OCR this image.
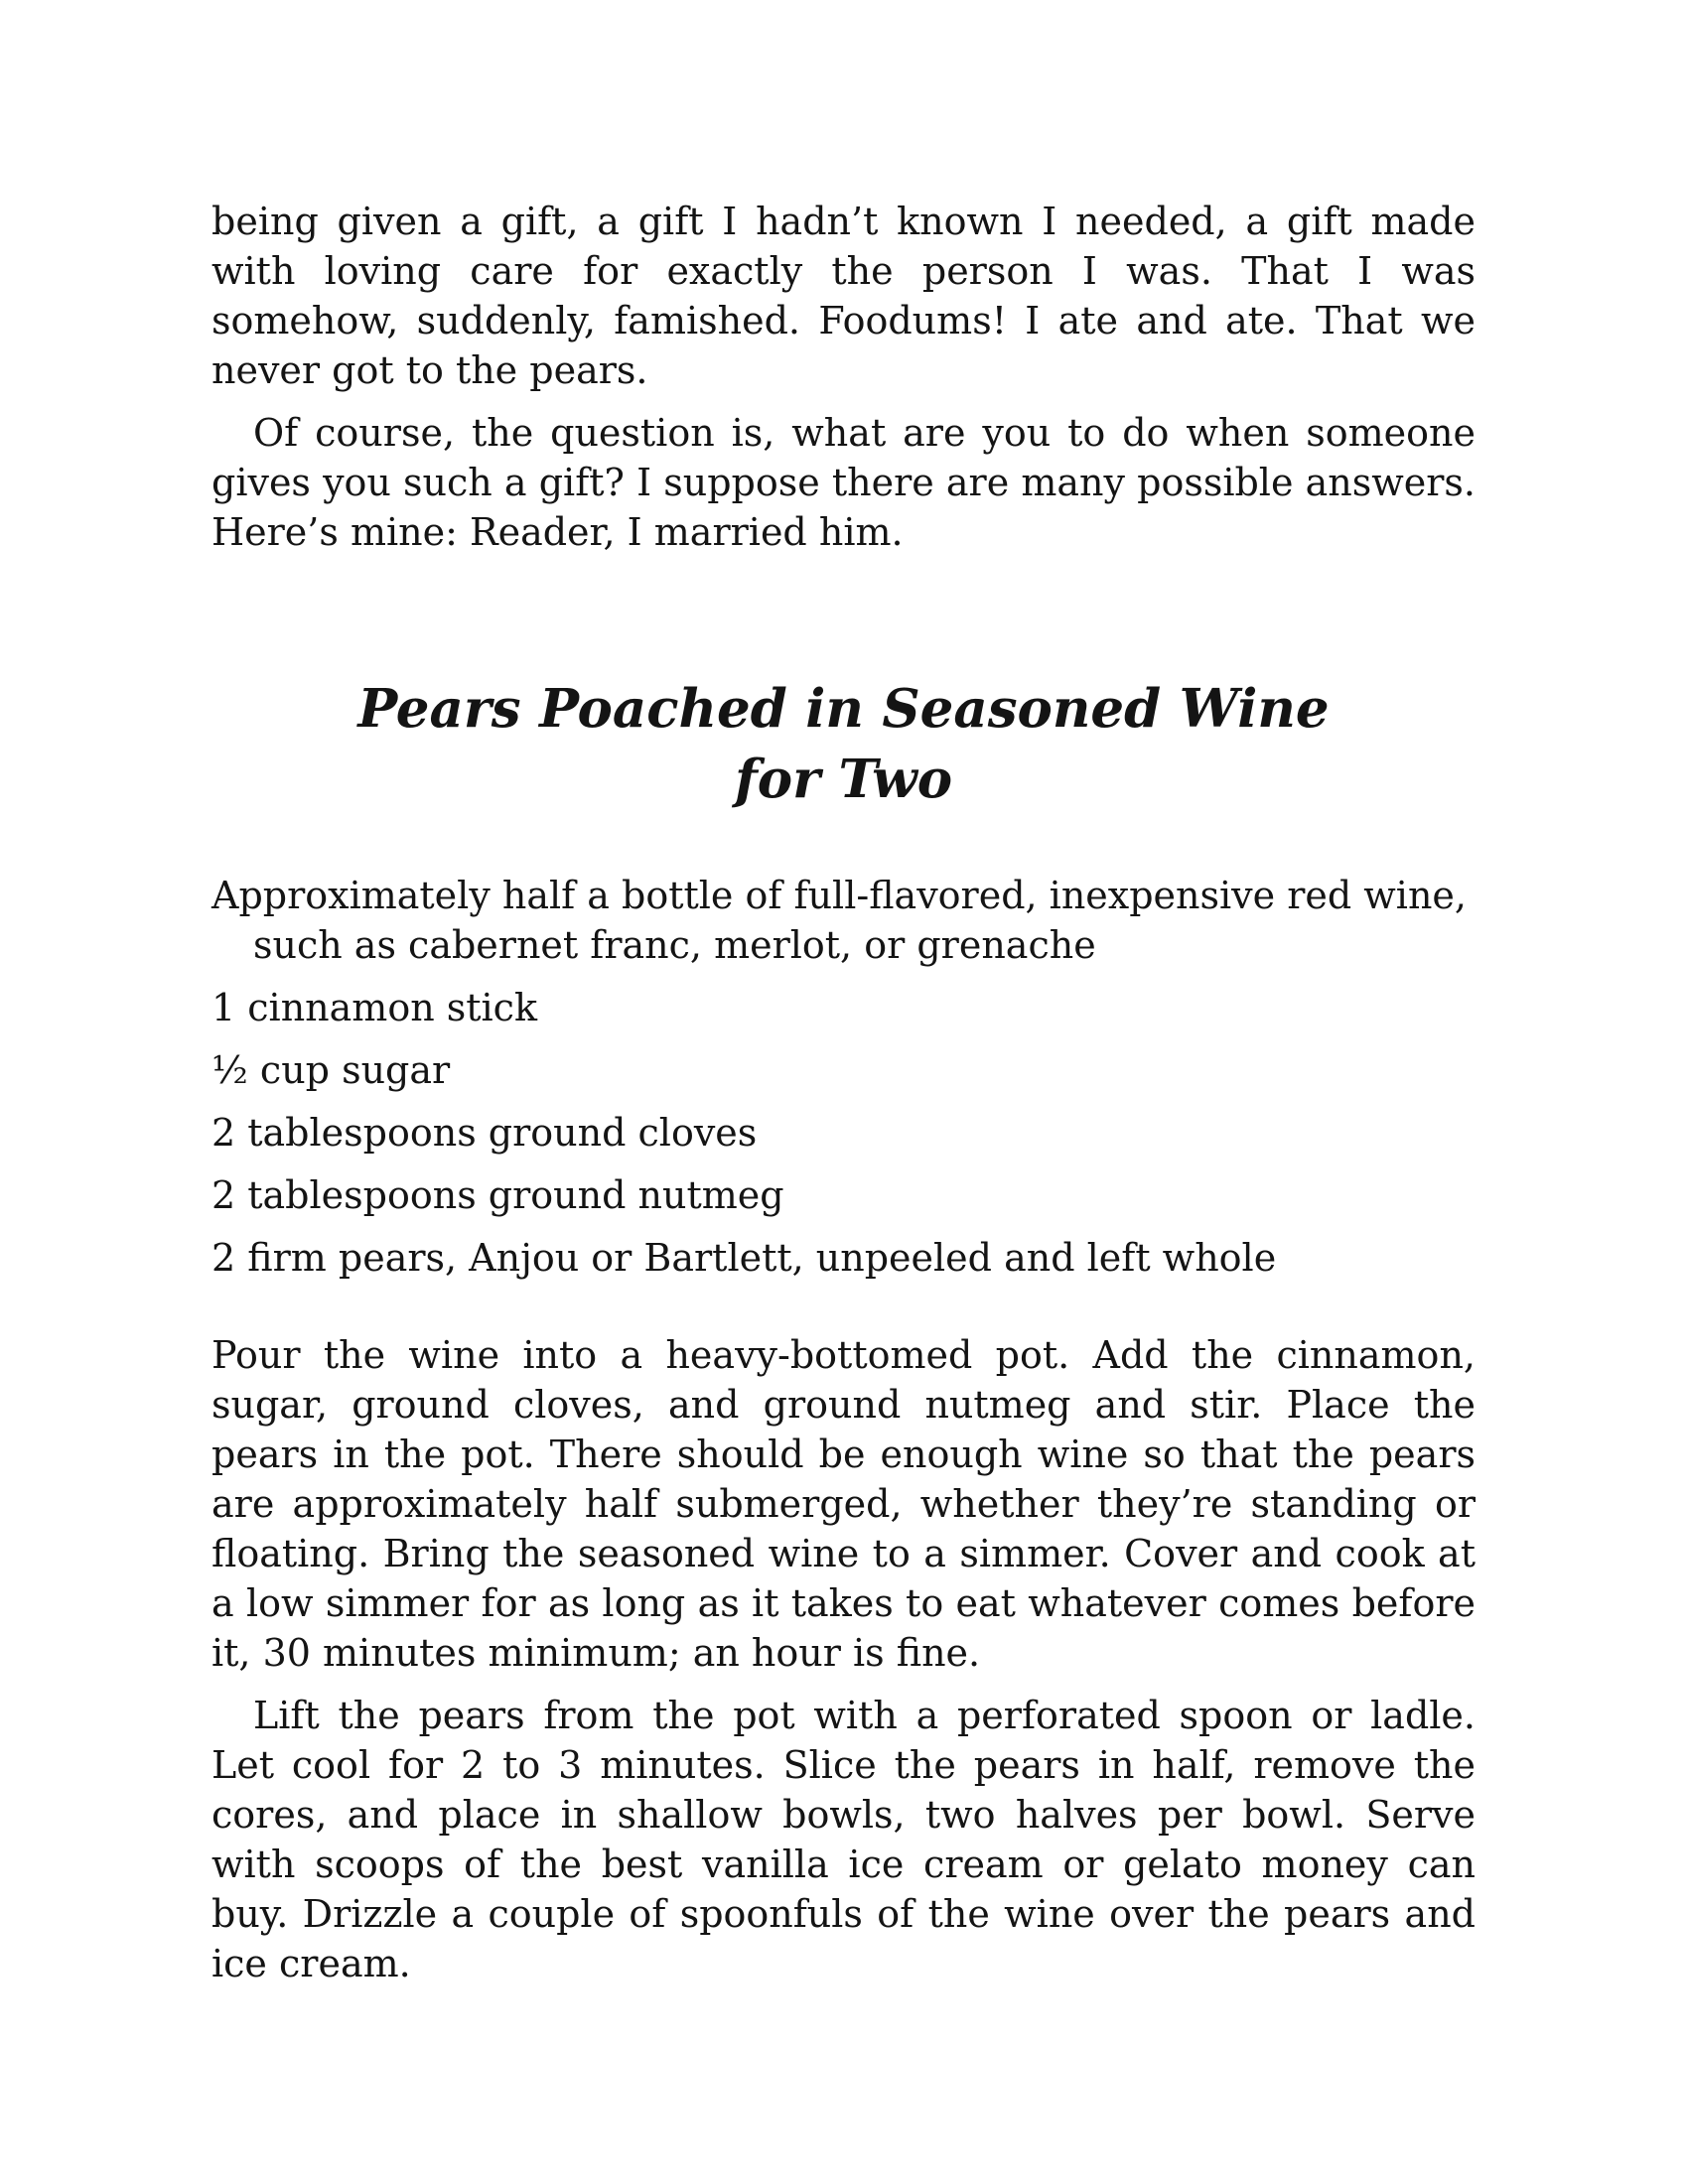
being given a gift, a gift I hadn’t known I needed, a gift made with loving care for exactly the person I was. That I was somehow, suddenly, famished. Foodums! I ate and ate. That we never got to the pears.

Of course, the question is, what are you to do when someone gives you such a gift? I suppose there are many possible answers. Here’s mine: Reader, I married him.

Pears Poached in Seasoned Wine
for Two
Approximately half a bottle of full-flavored, inexpensive red wine, such as cabernet franc, merlot, or grenache
1 cinnamon stick
½ cup sugar
2 tablespoons ground cloves
2 tablespoons ground nutmeg
2 firm pears, Anjou or Bartlett, unpeeled and left whole

Pour the wine into a heavy-bottomed pot. Add the cinnamon, sugar, ground cloves, and ground nutmeg and stir. Place the pears in the pot. There should be enough wine so that the pears are approximately half submerged, whether they’re standing or floating. Bring the seasoned wine to a simmer. Cover and cook at a low simmer for as long as it takes to eat whatever comes before it, 30 minutes minimum; an hour is fine.

Lift the pears from the pot with a perforated spoon or ladle. Let cool for 2 to 3 minutes. Slice the pears in half, remove the cores, and place in shallow bowls, two halves per bowl. Serve with scoops of the best vanilla ice cream or gelato money can buy. Drizzle a couple of spoonfuls of the wine over the pears and ice cream.
